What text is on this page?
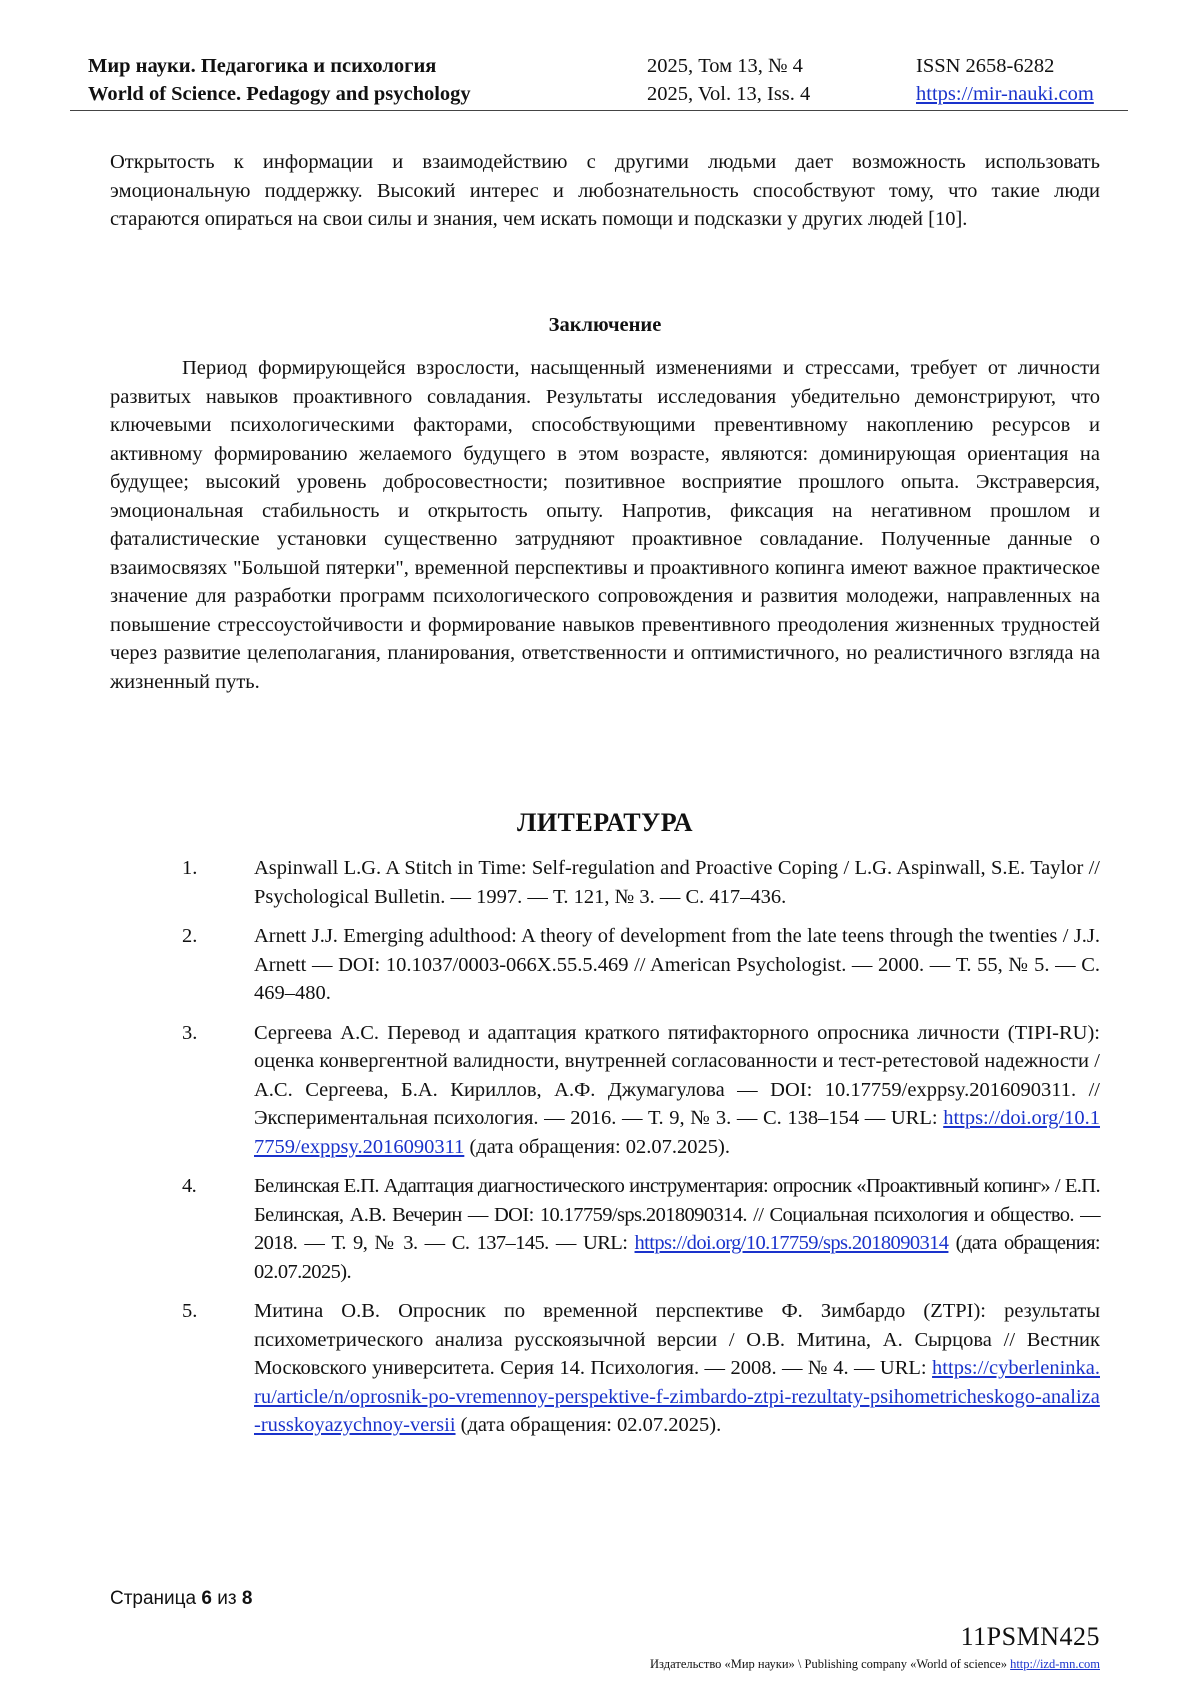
Мир науки. Педагогика и психология
World of Science. Pedagogy and psychology
2025, Том 13, № 4
2025, Vol. 13, Iss. 4
ISSN 2658-6282
https://mir-nauki.com

Открытость к информации и взаимодействию с другими людьми дает возможность использовать эмоциональную поддержку. Высокий интерес и любознательность способствуют тому, что такие люди стараются опираться на свои силы и знания, чем искать помощи и подсказки у других людей [10].

Заключение

Период формирующейся взрослости, насыщенный изменениями и стрессами, требует от личности развитых навыков проактивного совладания. Результаты исследования убедительно демонстрируют, что ключевыми психологическими факторами, способствующими превентивному накоплению ресурсов и активному формированию желаемого будущего в этом возрасте, являются: доминирующая ориентация на будущее; высокий уровень добросовестности; позитивное восприятие прошлого опыта. Экстраверсия, эмоциональная стабильность и открытость опыту. Напротив, фиксация на негативном прошлом и фаталистические установки существенно затрудняют проактивное совладание. Полученные данные о взаимосвязях "Большой пятерки", временной перспективы и проактивного копинга имеют важное практическое значение для разработки программ психологического сопровождения и развития молодежи, направленных на повышение стрессоустойчивости и формирование навыков превентивного преодоления жизненных трудностей через развитие целеполагания, планирования, ответственности и оптимистичного, но реалистичного взгляда на жизненный путь.

ЛИТЕРАТУРА
1.	Aspinwall L.G. A Stitch in Time: Self-regulation and Proactive Coping / L.G. Aspinwall, S.E. Taylor // Psychological Bulletin. — 1997. — Т. 121, № 3. — С. 417–436.
2.	Arnett J.J. Emerging adulthood: A theory of development from the late teens through the twenties / J.J. Arnett — DOI: 10.1037/0003-066X.55.5.469 // American Psychologist. — 2000. — Т. 55, № 5. — С. 469–480.
3.	Сергеева А.С. Перевод и адаптация краткого пятифакторного опросника личности (TIPI-RU): оценка конвергентной валидности, внутренней согласованности и тест-ретестовой надежности / А.С. Сергеева, Б.А. Кириллов, А.Ф. Джумагулова — DOI: 10.17759/exppsy.2016090311. // Экспериментальная психология. — 2016. — Т. 9, № 3. — С. 138–154 — URL: https://doi.org/10.17759/exppsy.2016090311 (дата обращения: 02.07.2025).
4.	Белинская Е.П. Адаптация диагностического инструментария: опросник «Проактивный копинг» / Е.П. Белинская, А.В. Вечерин — DOI: 10.17759/sps.2018090314. // Социальная психология и общество. — 2018. — Т. 9, № 3. — С. 137–145. — URL: https://doi.org/10.17759/sps.2018090314 (дата обращения: 02.07.2025).
5.	Митина О.В. Опросник по временной перспективе Ф. Зимбардо (ZTPI): результаты психометрического анализа русскоязычной версии / О.В. Митина, А. Сырцова // Вестник Московского университета. Серия 14. Психология. — 2008. — № 4. — URL: https://cyberleninka.ru/article/n/oprosnik-po-vremennoy-perspektive-f-zimbardo-ztpi-rezultaty-psihometricheskogo-analiza-russkoyazychnoy-versii (дата обращения: 02.07.2025).
Страница 6 из 8
11PSMN425
Издательство «Мир науки» \ Publishing company «World of science» http://izd-mn.com
